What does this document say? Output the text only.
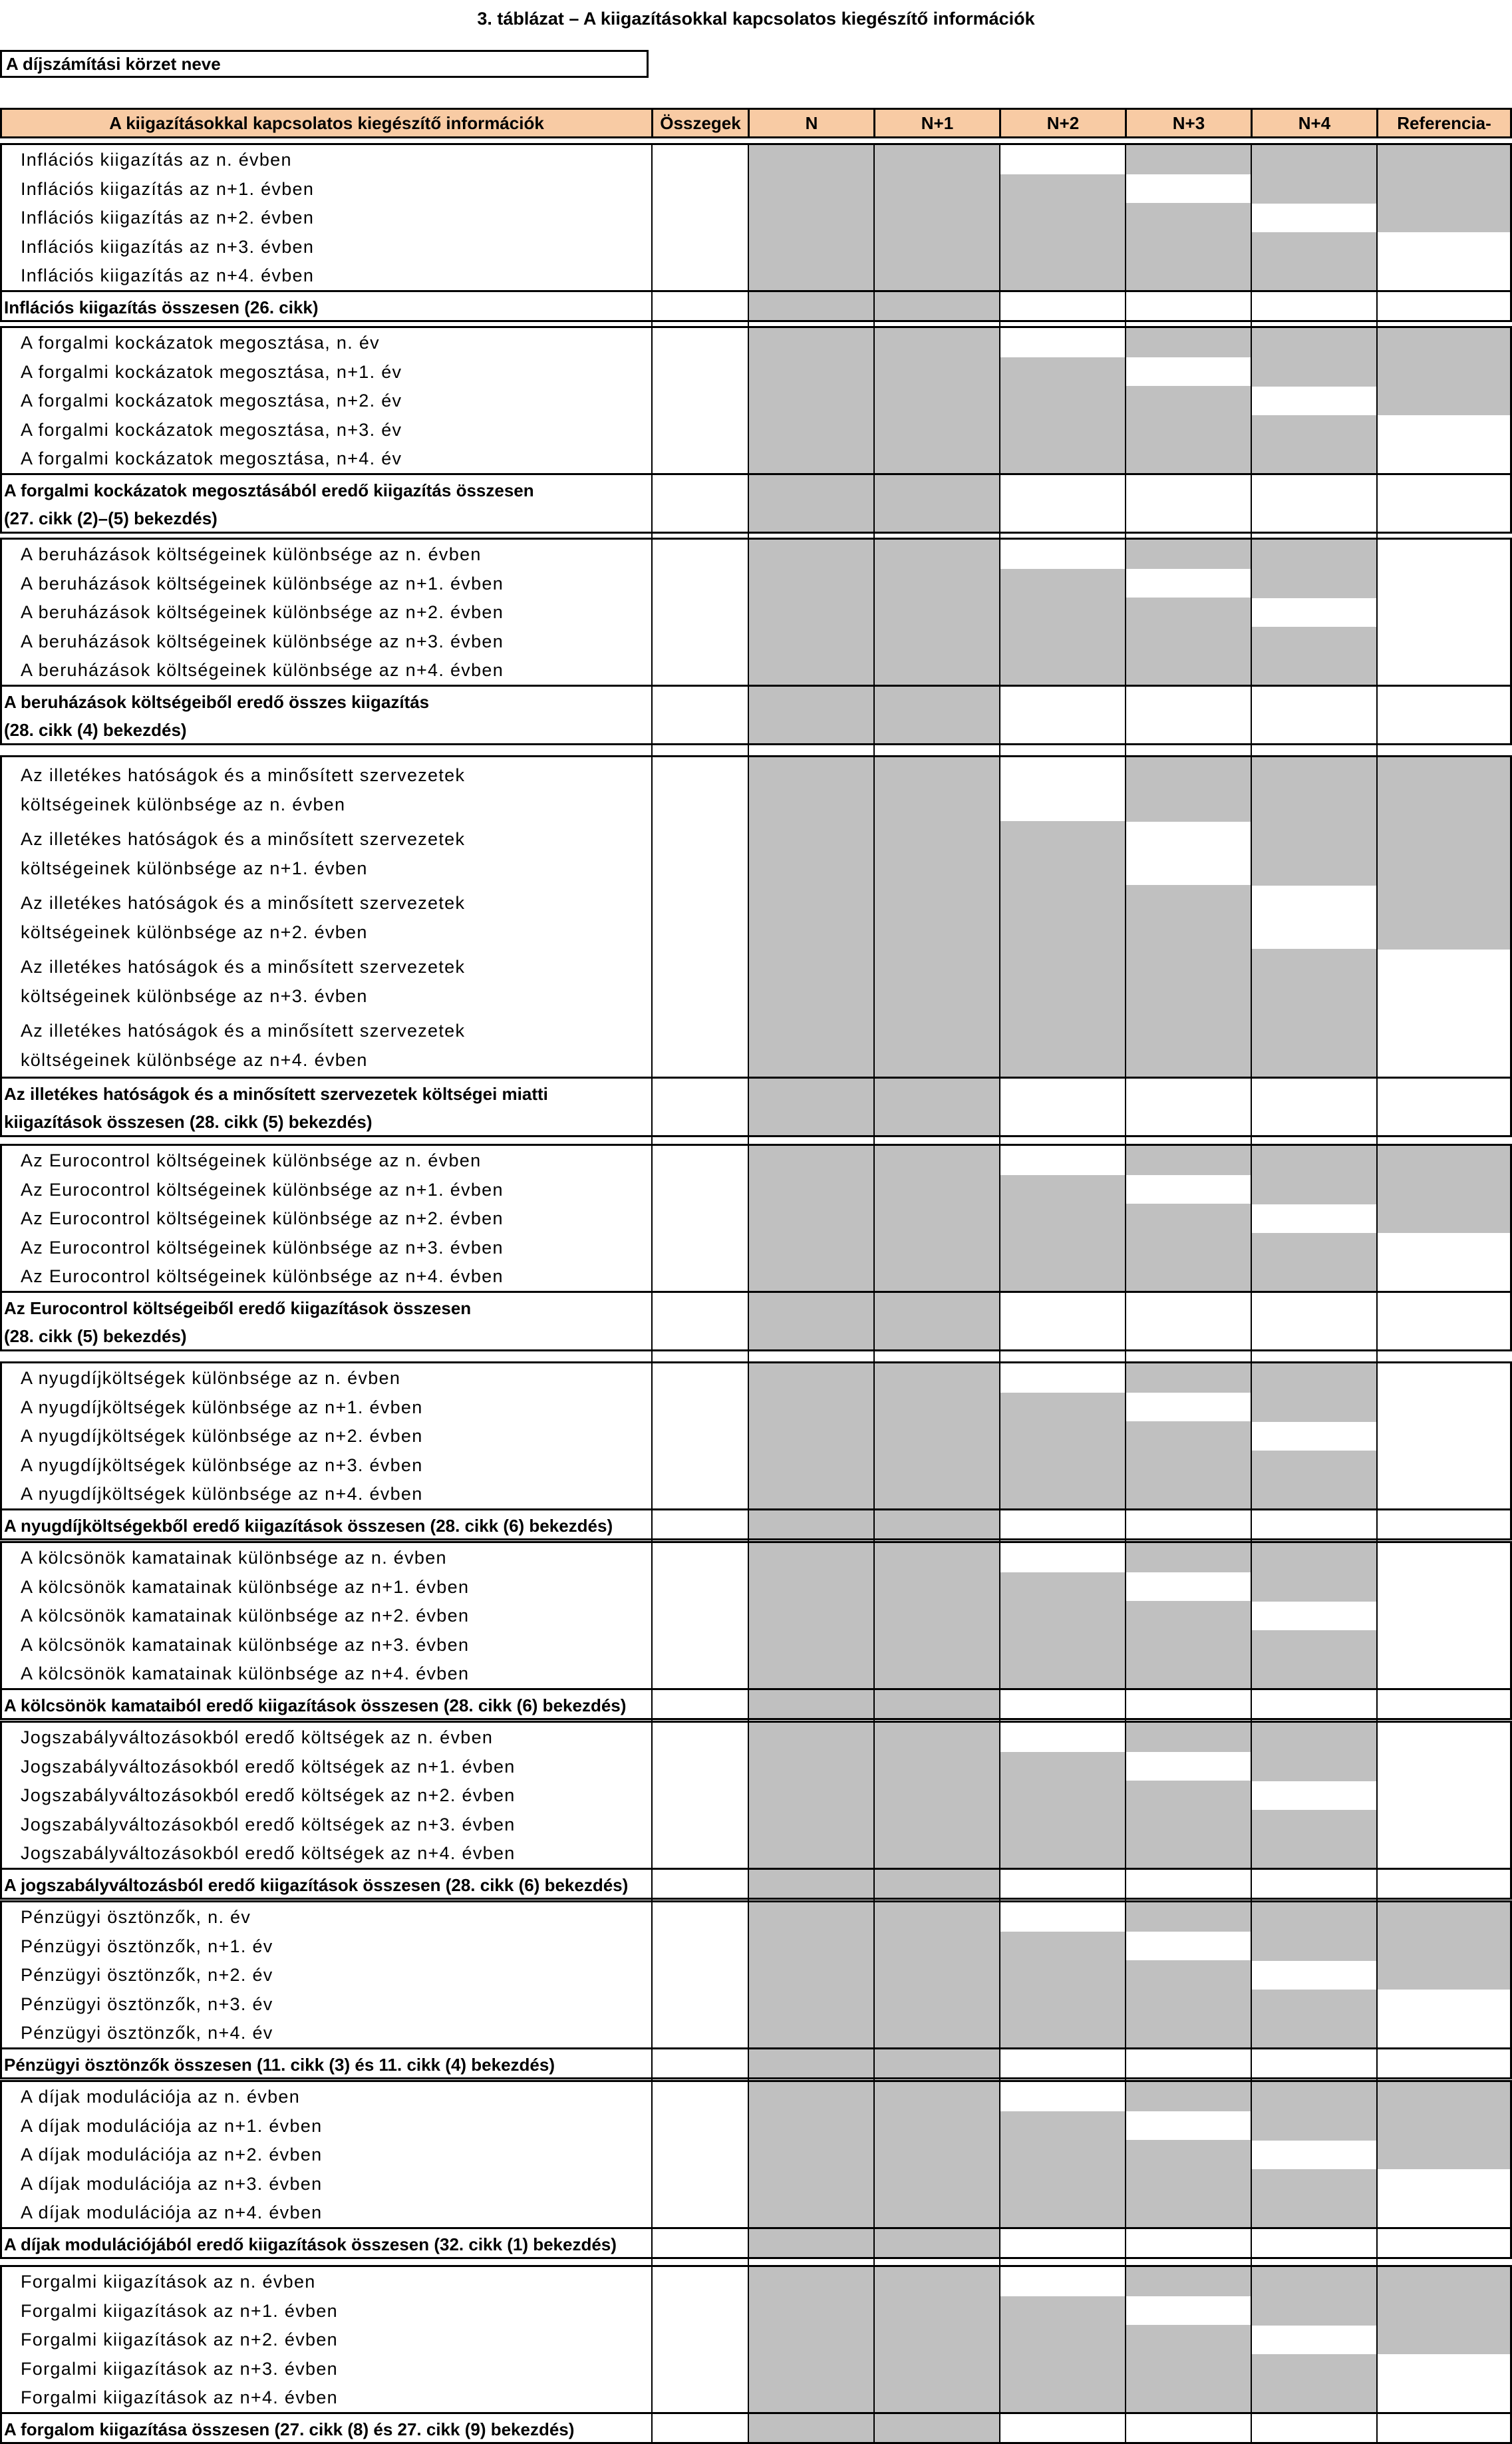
3. táblázat – A kiigazításokkal kapcsolatos kiegészítő információk
A díjszámítási körzet neve
A kiigazításokkal kapcsolatos kiegészítő információk	Összegek	N	N+1	N+2	N+3	N+4	Referencia-
Inflációs kiigazítás az n. évben
Inflációs kiigazítás az n+1. évben
Inflációs kiigazítás az n+2. évben
Inflációs kiigazítás az n+3. évben
Inflációs kiigazítás az n+4. évben
Inflációs kiigazítás összesen (26. cikk)
A forgalmi kockázatok megosztása, n. év
A forgalmi kockázatok megosztása, n+1. év
A forgalmi kockázatok megosztása, n+2. év
A forgalmi kockázatok megosztása, n+3. év
A forgalmi kockázatok megosztása, n+4. év
A forgalmi kockázatok megosztásából eredő kiigazítás összesen
(27. cikk (2)–(5) bekezdés)
A beruházások költségeinek különbsége az n. évben
A beruházások költségeinek különbsége az n+1. évben
A beruházások költségeinek különbsége az n+2. évben
A beruházások költségeinek különbsége az n+3. évben
A beruházások költségeinek különbsége az n+4. évben
A beruházások költségeiből eredő összes kiigazítás
(28. cikk (4) bekezdés)
Az illetékes hatóságok és a minősített szervezetek
költségeinek különbsége az n. évben
Az illetékes hatóságok és a minősített szervezetek
költségeinek különbsége az n+1. évben
Az illetékes hatóságok és a minősített szervezetek
költségeinek különbsége az n+2. évben
Az illetékes hatóságok és a minősített szervezetek
költségeinek különbsége az n+3. évben
Az illetékes hatóságok és a minősített szervezetek
költségeinek különbsége az n+4. évben
Az illetékes hatóságok és a minősített szervezetek költségei miatti
kiigazítások összesen (28. cikk (5) bekezdés)
Az Eurocontrol költségeinek különbsége az n. évben
Az Eurocontrol költségeinek különbsége az n+1. évben
Az Eurocontrol költségeinek különbsége az n+2. évben
Az Eurocontrol költségeinek különbsége az n+3. évben
Az Eurocontrol költségeinek különbsége az n+4. évben
Az Eurocontrol költségeiből eredő kiigazítások összesen
(28. cikk (5) bekezdés)
A nyugdíjköltségek különbsége az n. évben
A nyugdíjköltségek különbsége az n+1. évben
A nyugdíjköltségek különbsége az n+2. évben
A nyugdíjköltségek különbsége az n+3. évben
A nyugdíjköltségek különbsége az n+4. évben
A nyugdíjköltségekből eredő kiigazítások összesen (28. cikk (6) bekezdés)
A kölcsönök kamatainak különbsége az n. évben
A kölcsönök kamatainak különbsége az n+1. évben
A kölcsönök kamatainak különbsége az n+2. évben
A kölcsönök kamatainak különbsége az n+3. évben
A kölcsönök kamatainak különbsége az n+4. évben
A kölcsönök kamataiból eredő kiigazítások összesen (28. cikk (6) bekezdés)
Jogszabályváltozásokból eredő költségek az n. évben
Jogszabályváltozásokból eredő költségek az n+1. évben
Jogszabályváltozásokból eredő költségek az n+2. évben
Jogszabályváltozásokból eredő költségek az n+3. évben
Jogszabályváltozásokból eredő költségek az n+4. évben
A jogszabályváltozásból eredő kiigazítások összesen (28. cikk (6) bekezdés)
Pénzügyi ösztönzők, n. év
Pénzügyi ösztönzők, n+1. év
Pénzügyi ösztönzők, n+2. év
Pénzügyi ösztönzők, n+3. év
Pénzügyi ösztönzők, n+4. év
Pénzügyi ösztönzők összesen (11. cikk (3) és 11. cikk (4) bekezdés)
A díjak modulációja az n. évben
A díjak modulációja az n+1. évben
A díjak modulációja az n+2. évben
A díjak modulációja az n+3. évben
A díjak modulációja az n+4. évben
A díjak modulációjából eredő kiigazítások összesen (32. cikk (1) bekezdés)
Forgalmi kiigazítások az n. évben
Forgalmi kiigazítások az n+1. évben
Forgalmi kiigazítások az n+2. évben
Forgalmi kiigazítások az n+3. évben
Forgalmi kiigazítások az n+4. évben
A forgalom kiigazítása összesen (27. cikk (8) és 27. cikk (9) bekezdés)
